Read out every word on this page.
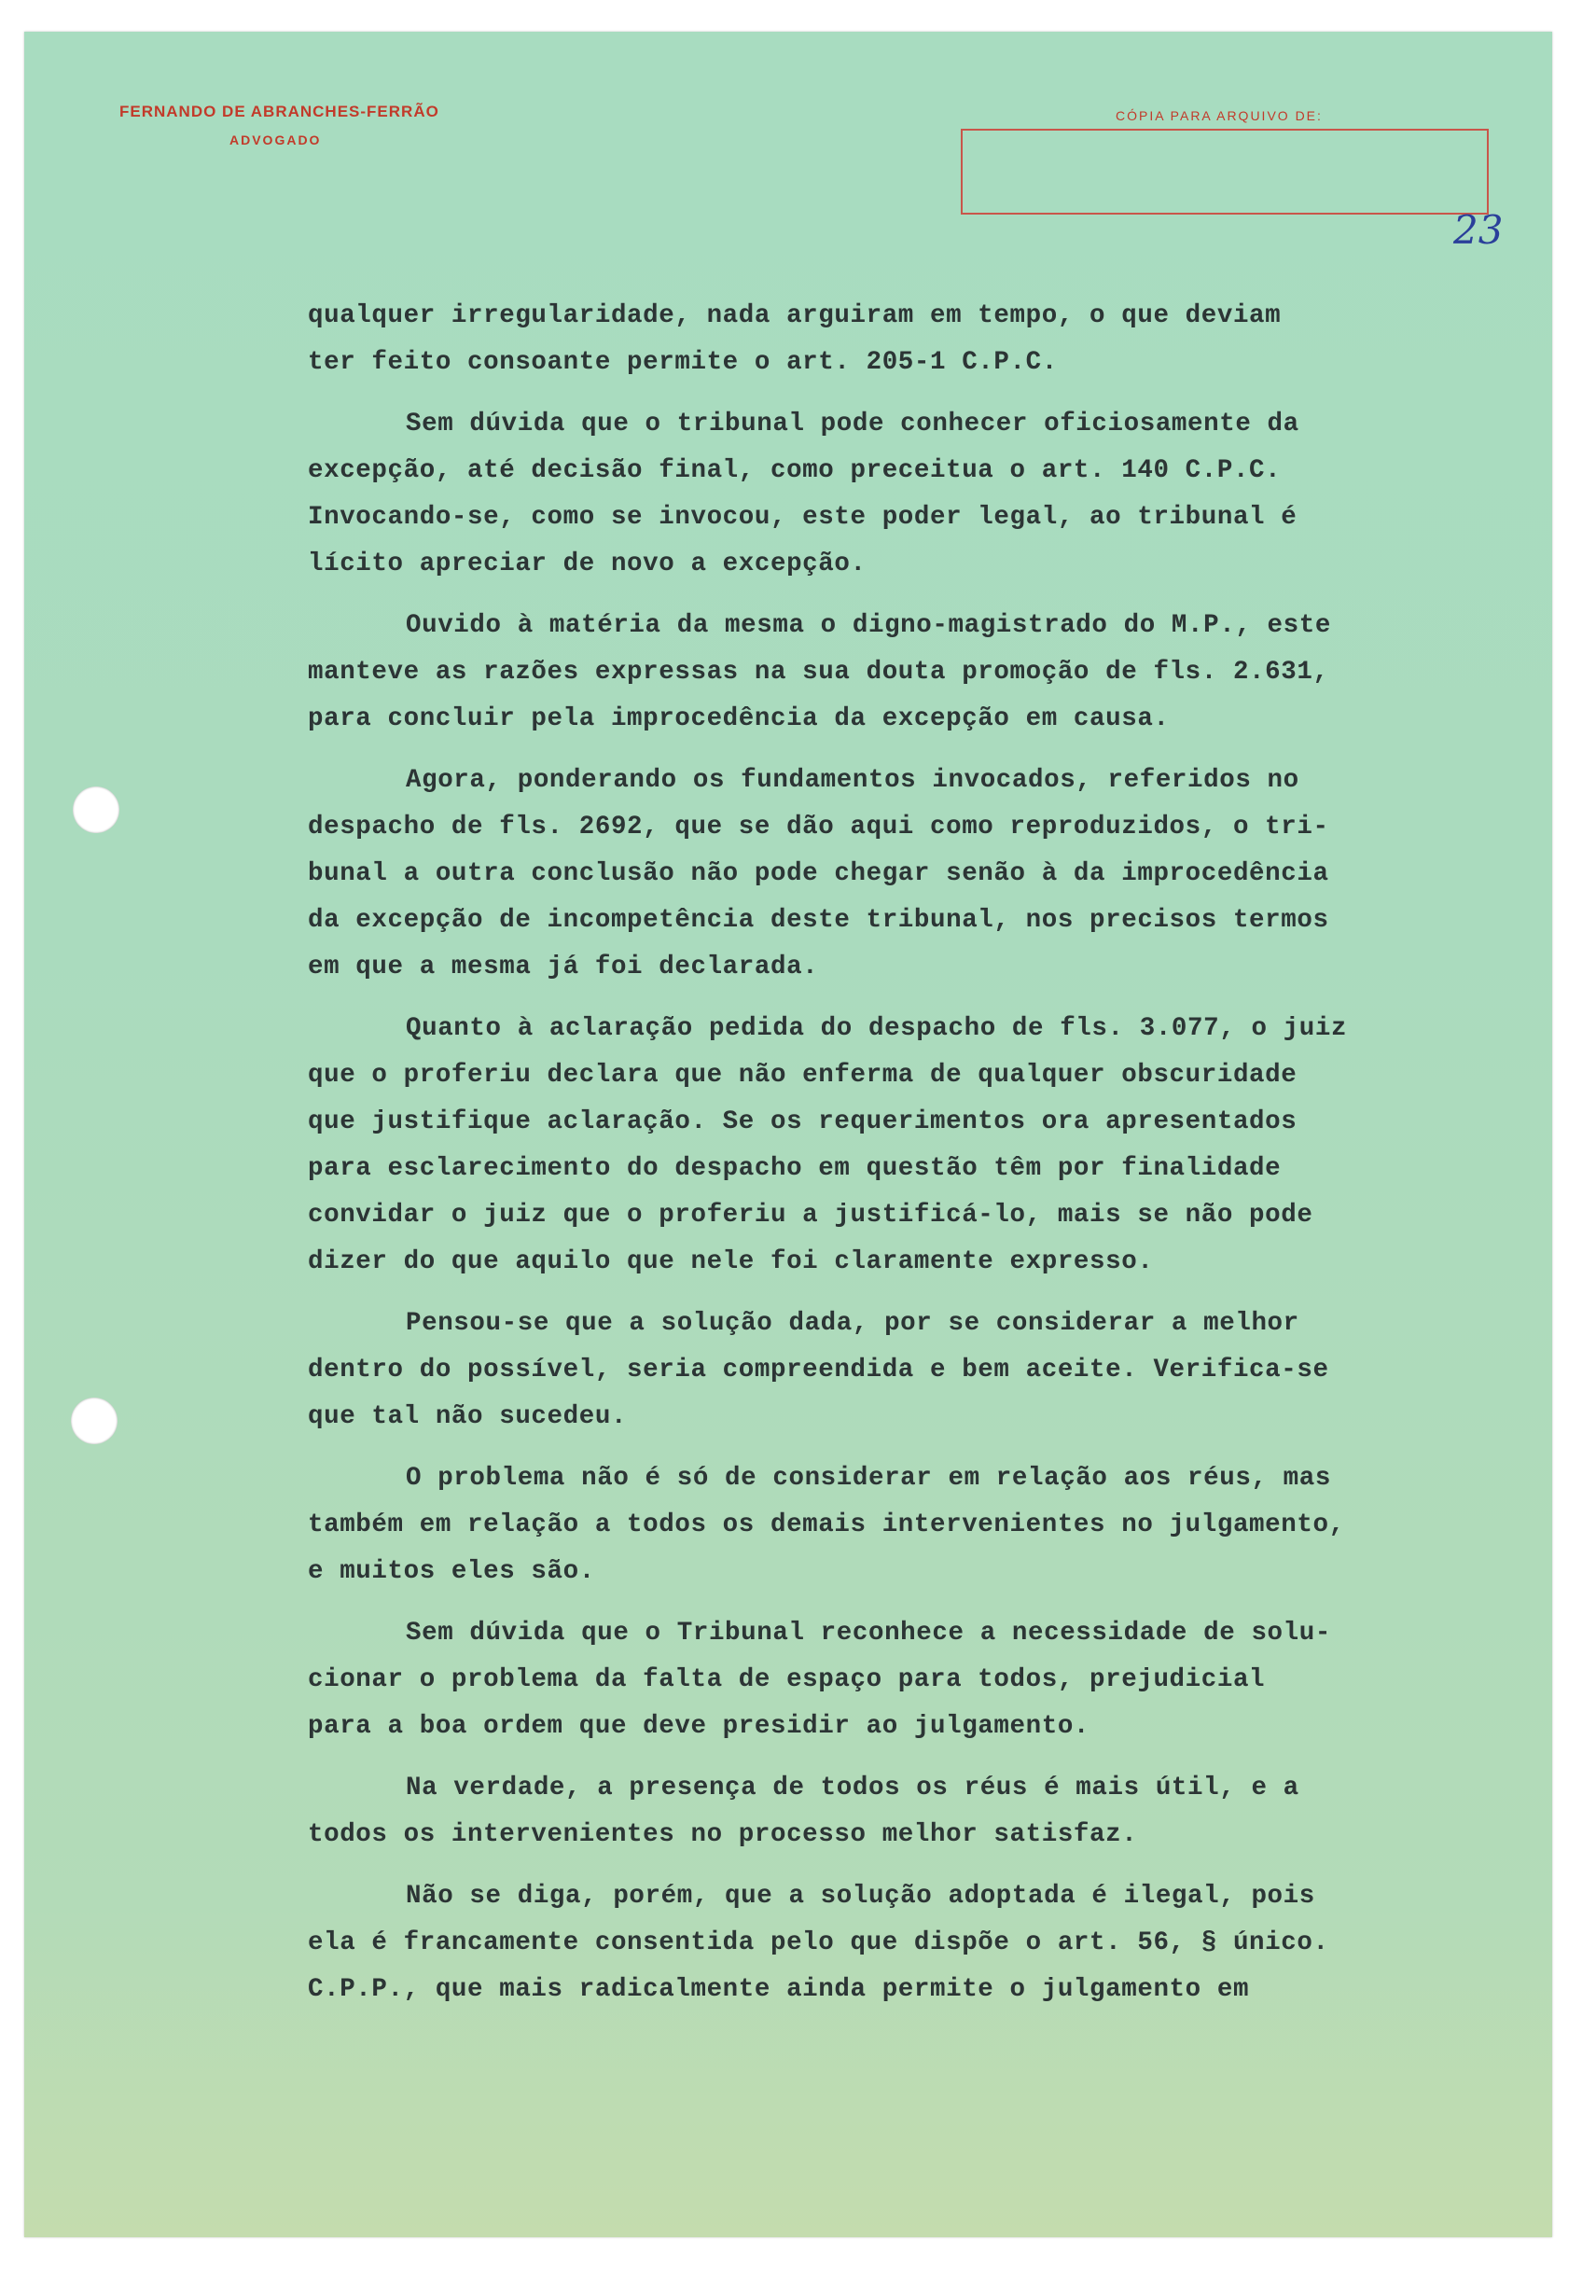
FERNANDO DE ABRANCHES-FERRÃO
ADVOGADO
CÓPIA PARA ARQUIVO DE:
23
qualquer irregularidade, nada arguiram em tempo, o que deviam
ter feito consoante permite o art. 205-1 C.P.C.
Sem dúvida que o tribunal pode conhecer oficiosamente da
excepção, até decisão final, como preceitua o art. 140 C.P.C.
Invocando-se, como se invocou, este poder legal, ao tribunal é
lícito apreciar de novo a excepção.
Ouvido à matéria da mesma o digno-magistrado do M.P., este
manteve as razões expressas na sua douta promoção de fls. 2.631,
para concluir pela improcedência da excepção em causa.
Agora, ponderando os fundamentos invocados, referidos no
despacho de fls. 2692, que se dão aqui como reproduzidos, o tri-
bunal a outra conclusão não pode chegar senão à da improcedência
da excepção de incompetência deste tribunal, nos precisos termos
em que a mesma já foi declarada.
Quanto à aclaração pedida do despacho de fls. 3.077, o juiz
que o proferiu declara que não enferma de qualquer obscuridade
que justifique aclaração. Se os requerimentos ora apresentados
para esclarecimento do despacho em questão têm por finalidade
convidar o juiz que o proferiu a justificá-lo, mais se não pode
dizer do que aquilo que nele foi claramente expresso.
Pensou-se que a solução dada, por se considerar a melhor
dentro do possível, seria compreendida e bem aceite. Verifica-se
que tal não sucedeu.
O problema não é só de considerar em relação aos réus, mas
também em relação a todos os demais intervenientes no julgamento,
e muitos eles são.
Sem dúvida que o Tribunal reconhece a necessidade de solu-
cionar o problema da falta de espaço para todos, prejudicial
para a boa ordem que deve presidir ao julgamento.
Na verdade, a presença de todos os réus é mais útil, e a
todos os intervenientes no processo melhor satisfaz.
Não se diga, porém, que a solução adoptada é ilegal, pois
ela é francamente consentida pelo que dispõe o art. 56, § único.
C.P.P., que mais radicalmente ainda permite o julgamento em
